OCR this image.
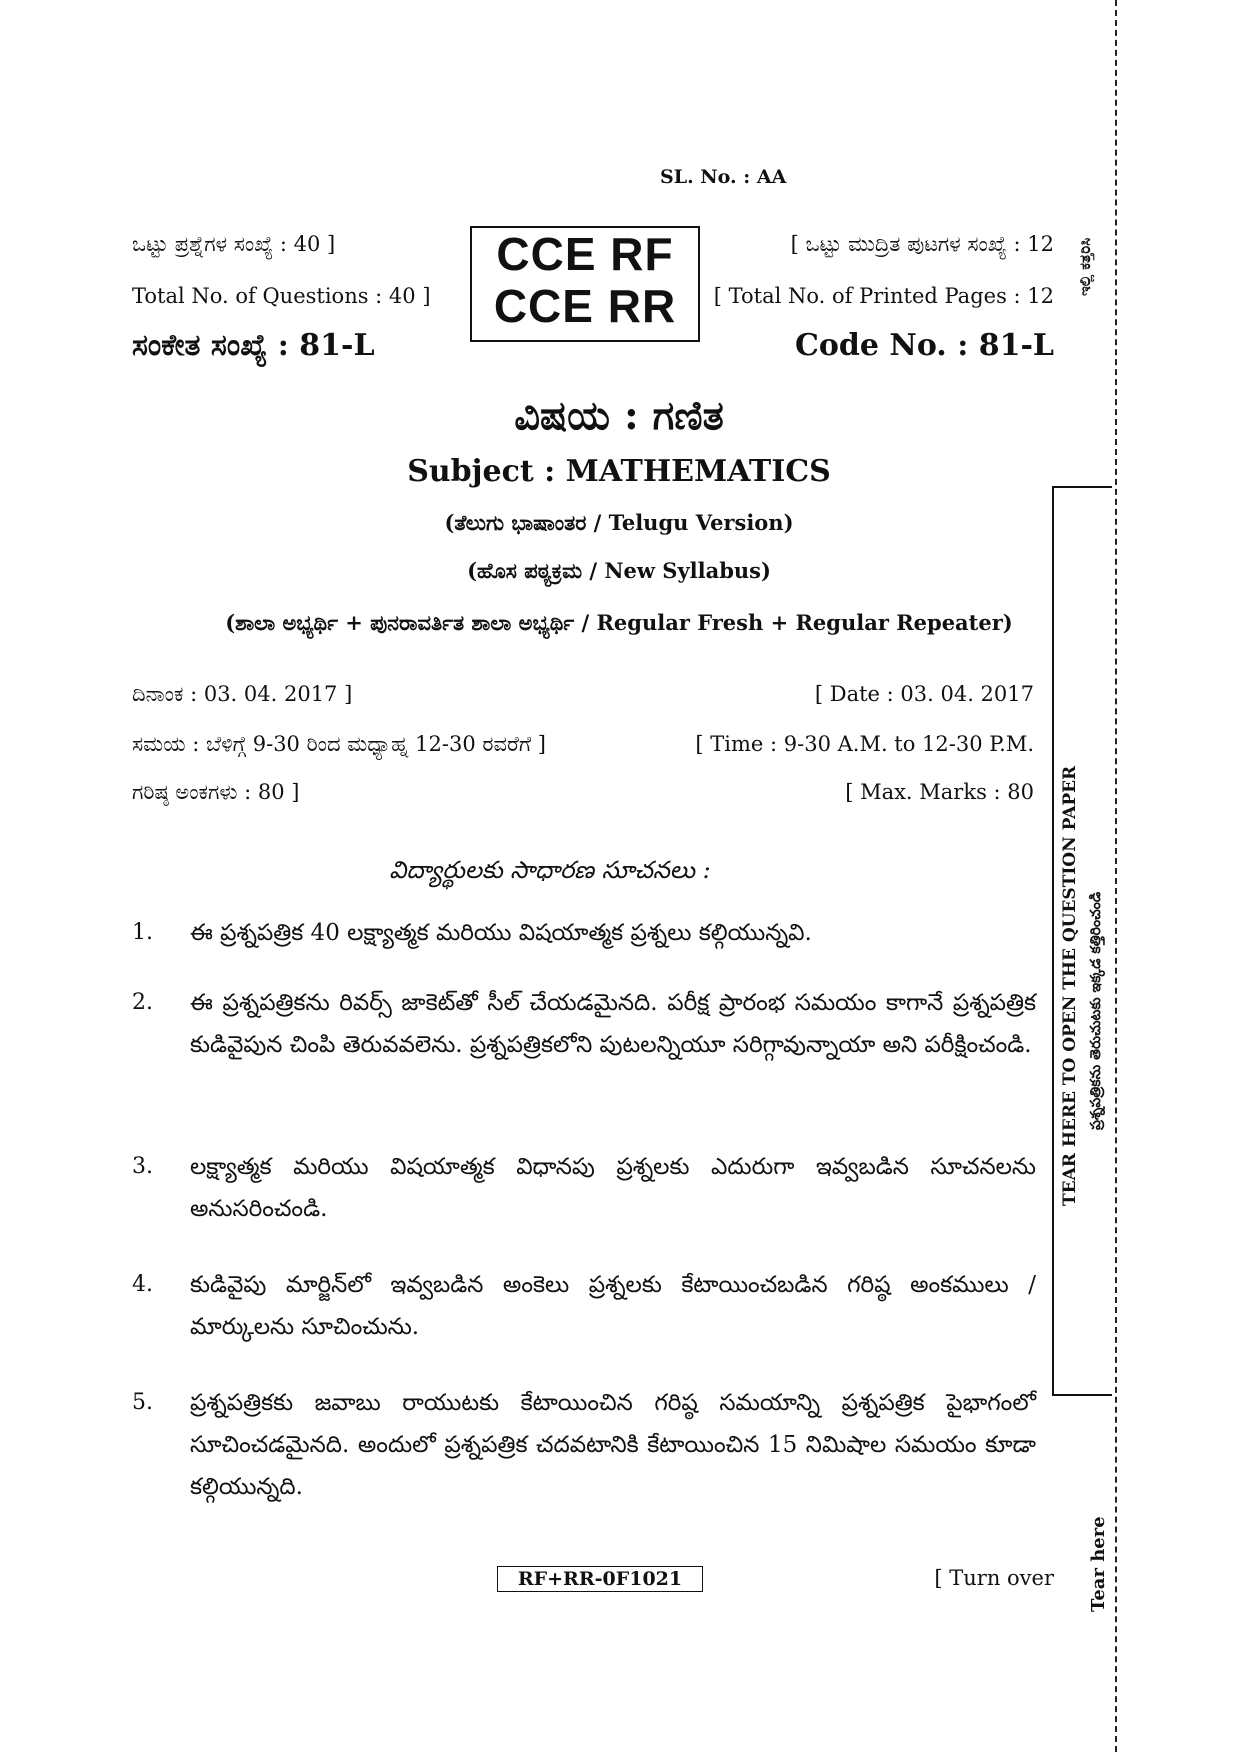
SL. No. : AA
ಒಟ್ಟು ಪ್ರಶ್ನೆಗಳ ಸಂಖ್ಯೆ : 40 ]
Total No. of Questions : 40 ]
ಸಂಕೇತ ಸಂಖ್ಯೆ : 81-L
CCE RF
CCE RR
[ ಒಟ್ಟು ಮುದ್ರಿತ ಪುಟಗಳ ಸಂಖ್ಯೆ : 12
[ Total No. of Printed Pages : 12
Code No. : 81-L
ವಿಷಯ : ಗಣಿತ
Subject : MATHEMATICS
(ತೆಲುಗು ಭಾಷಾಂತರ / Telugu Version)
(ಹೊಸ ಪಠ್ಯಕ್ರಮ / New Syllabus)
(ಶಾಲಾ ಅಭ್ಯರ್ಥಿ + ಪುನರಾವರ್ತಿತ ಶಾಲಾ ಅಭ್ಯರ್ಥಿ / Regular Fresh + Regular Repeater)
ದಿನಾಂಕ : 03. 04. 2017 ]	[ Date : 03. 04. 2017
ಸಮಯ : ಬೆಳಿಗ್ಗೆ 9-30 ರಿಂದ ಮಧ್ಯಾಹ್ನ 12-30 ರವರೆಗೆ ]	[ Time : 9-30 A.M. to 12-30 P.M.
ಗರಿಷ್ಠ ಅಂಕಗಳು : 80 ]	[ Max. Marks : 80
విద్యార్థులకు సాధారణ సూచనలు :
1. ఈ ప్రశ్నపత్రిక 40 లక్ష్యాత్మక మరియు విషయాత్మక ప్రశ్నలు కల్గియున్నవి.
2. ఈ ప్రశ్నపత్రికను రివర్స్ జాకెట్‌తో సీల్ చేయడమైనది. పరీక్ష ప్రారంభ సమయం కాగానే ప్రశ్నపత్రిక కుడివైపున చింపి తెరువవలెను. ప్రశ్నపత్రికలోని పుటలన్నియూ సరిగ్గావున్నాయా అని పరీక్షించండి.
3. లక్ష్యాత్మక మరియు విషయాత్మక విధానపు ప్రశ్నలకు ఎదురుగా ఇవ్వబడిన సూచనలను అనుసరించండి.
4. కుడివైపు మార్జిన్‌లో ఇవ్వబడిన అంకెలు ప్రశ్నలకు కేటాయించబడిన గరిష్ఠ అంకములు / మార్కులను సూచించును.
5. ప్రశ్నపత్రికకు జవాబు రాయుటకు కేటాయించిన గరిష్ఠ సమయాన్ని ప్రశ్నపత్రిక పైభాగంలో సూచించడమైనది. అందులో ప్రశ్నపత్రిక చదవటానికి కేటాయించిన 15 నిమిషాల సమయం కూడా కల్గియున్నది.
RF+RR-0F1021	[ Turn over
ಇಲ್ಲಿ ಕತ್ತರಿಸಿ
TEAR HERE TO OPEN THE QUESTION PAPER ప్రశ్నపత్రికను తెరుచుటకు ఇక్కడ కత్తిరించండి
Tear here
